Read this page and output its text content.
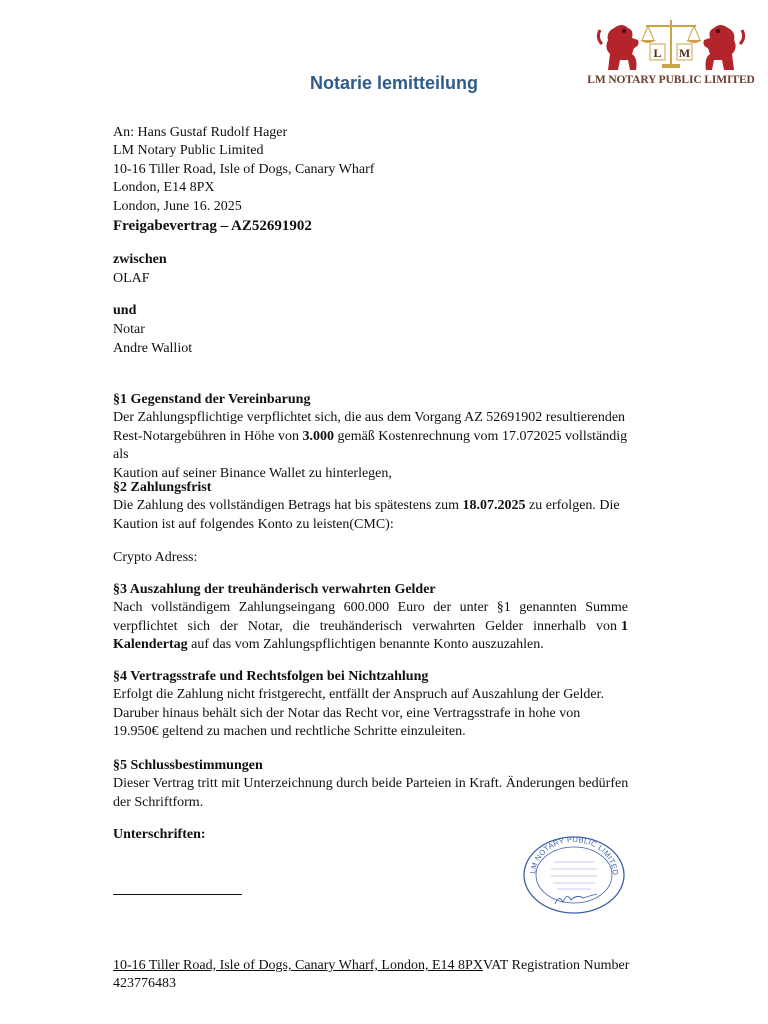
L M
LM NOTARY PUBLIC LIMITED
Notarie lemitteilung
An: Hans Gustaf Rudolf Hager
LM Notary Public Limited
10-16 Tiller Road, Isle of Dogs, Canary Wharf
London, E14 8PX
London, June 16. 2025
Freigabevertrag – AZ52691902
zwischen
OLAF
und
Notar
Andre Walliot
§1 Gegenstand der Vereinbarung
Der Zahlungspflichtige verpflichtet sich, die aus dem Vorgang AZ 52691902 resultierenden
Rest-Notargebühren in Höhe von 3.000 gemäß Kostenrechnung vom 17.072025 vollständig als
Kaution auf seiner Binance Wallet zu hinterlegen,
§2 Zahlungsfrist
Die Zahlung des vollständigen Betrags hat bis spätestens zum 18.07.2025 zu erfolgen. Die
Kaution ist auf folgendes Konto zu leisten(CMC):
Crypto Adress:
§3 Auszahlung der treuhänderisch verwahrten Gelder
Nach vollständigem Zahlungseingang 600.000 Euro der unter §1 genannten Summe
verpflichtet sich der Notar, die treuhänderisch verwahrten Gelder innerhalb von 1
Kalendertag auf das vom Zahlungspflichtigen benannte Konto auszuzahlen.
§4 Vertragsstrafe und Rechtsfolgen bei Nichtzahlung
Erfolgt die Zahlung nicht fristgerecht, entfällt der Anspruch auf Auszahlung der Gelder.
Daruber hinaus behält sich der Notar das Recht vor, eine Vertragsstrafe in hohe von
19.950€ geltend zu machen und rechtliche Schritte einzuleiten.
§5 Schlussbestimmungen
Dieser Vertrag tritt mit Unterzeichnung durch beide Parteien in Kraft. Änderungen bedürfen
der Schriftform.
Unterschriften:
LM NOTARY PUBLIC LIMITED
10-16 Tiller Road, Isle of Dogs, Canary Wharf, London, E14 8PXVAT Registration Number
423776483
